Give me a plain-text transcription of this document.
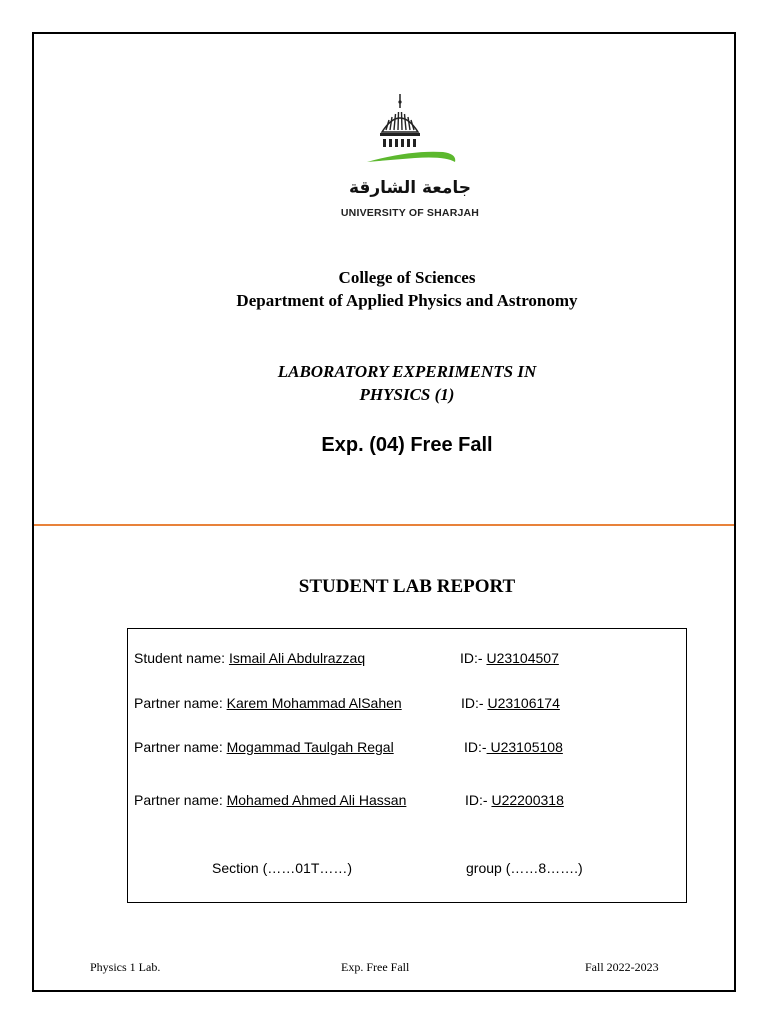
جامعة الشارقة
UNIVERSITY OF SHARJAH
College of Sciences
Department of Applied Physics and Astronomy
LABORATORY EXPERIMENTS IN
PHYSICS (1)
Exp. (04) Free Fall
STUDENT LAB REPORT
Student name: Ismail Ali Abdulrazzaq	ID:- U23104507
Partner name: Karem Mohammad AlSahen	ID:- U23106174
Partner name: Mogammad Taulgah Regal	ID:- U23105108
Partner name: Mohamed Ahmed Ali Hassan	ID:- U22200318
Section (……01T……)	group (……8…….)
Physics 1 Lab.	Exp. Free Fall	Fall 2022-2023
